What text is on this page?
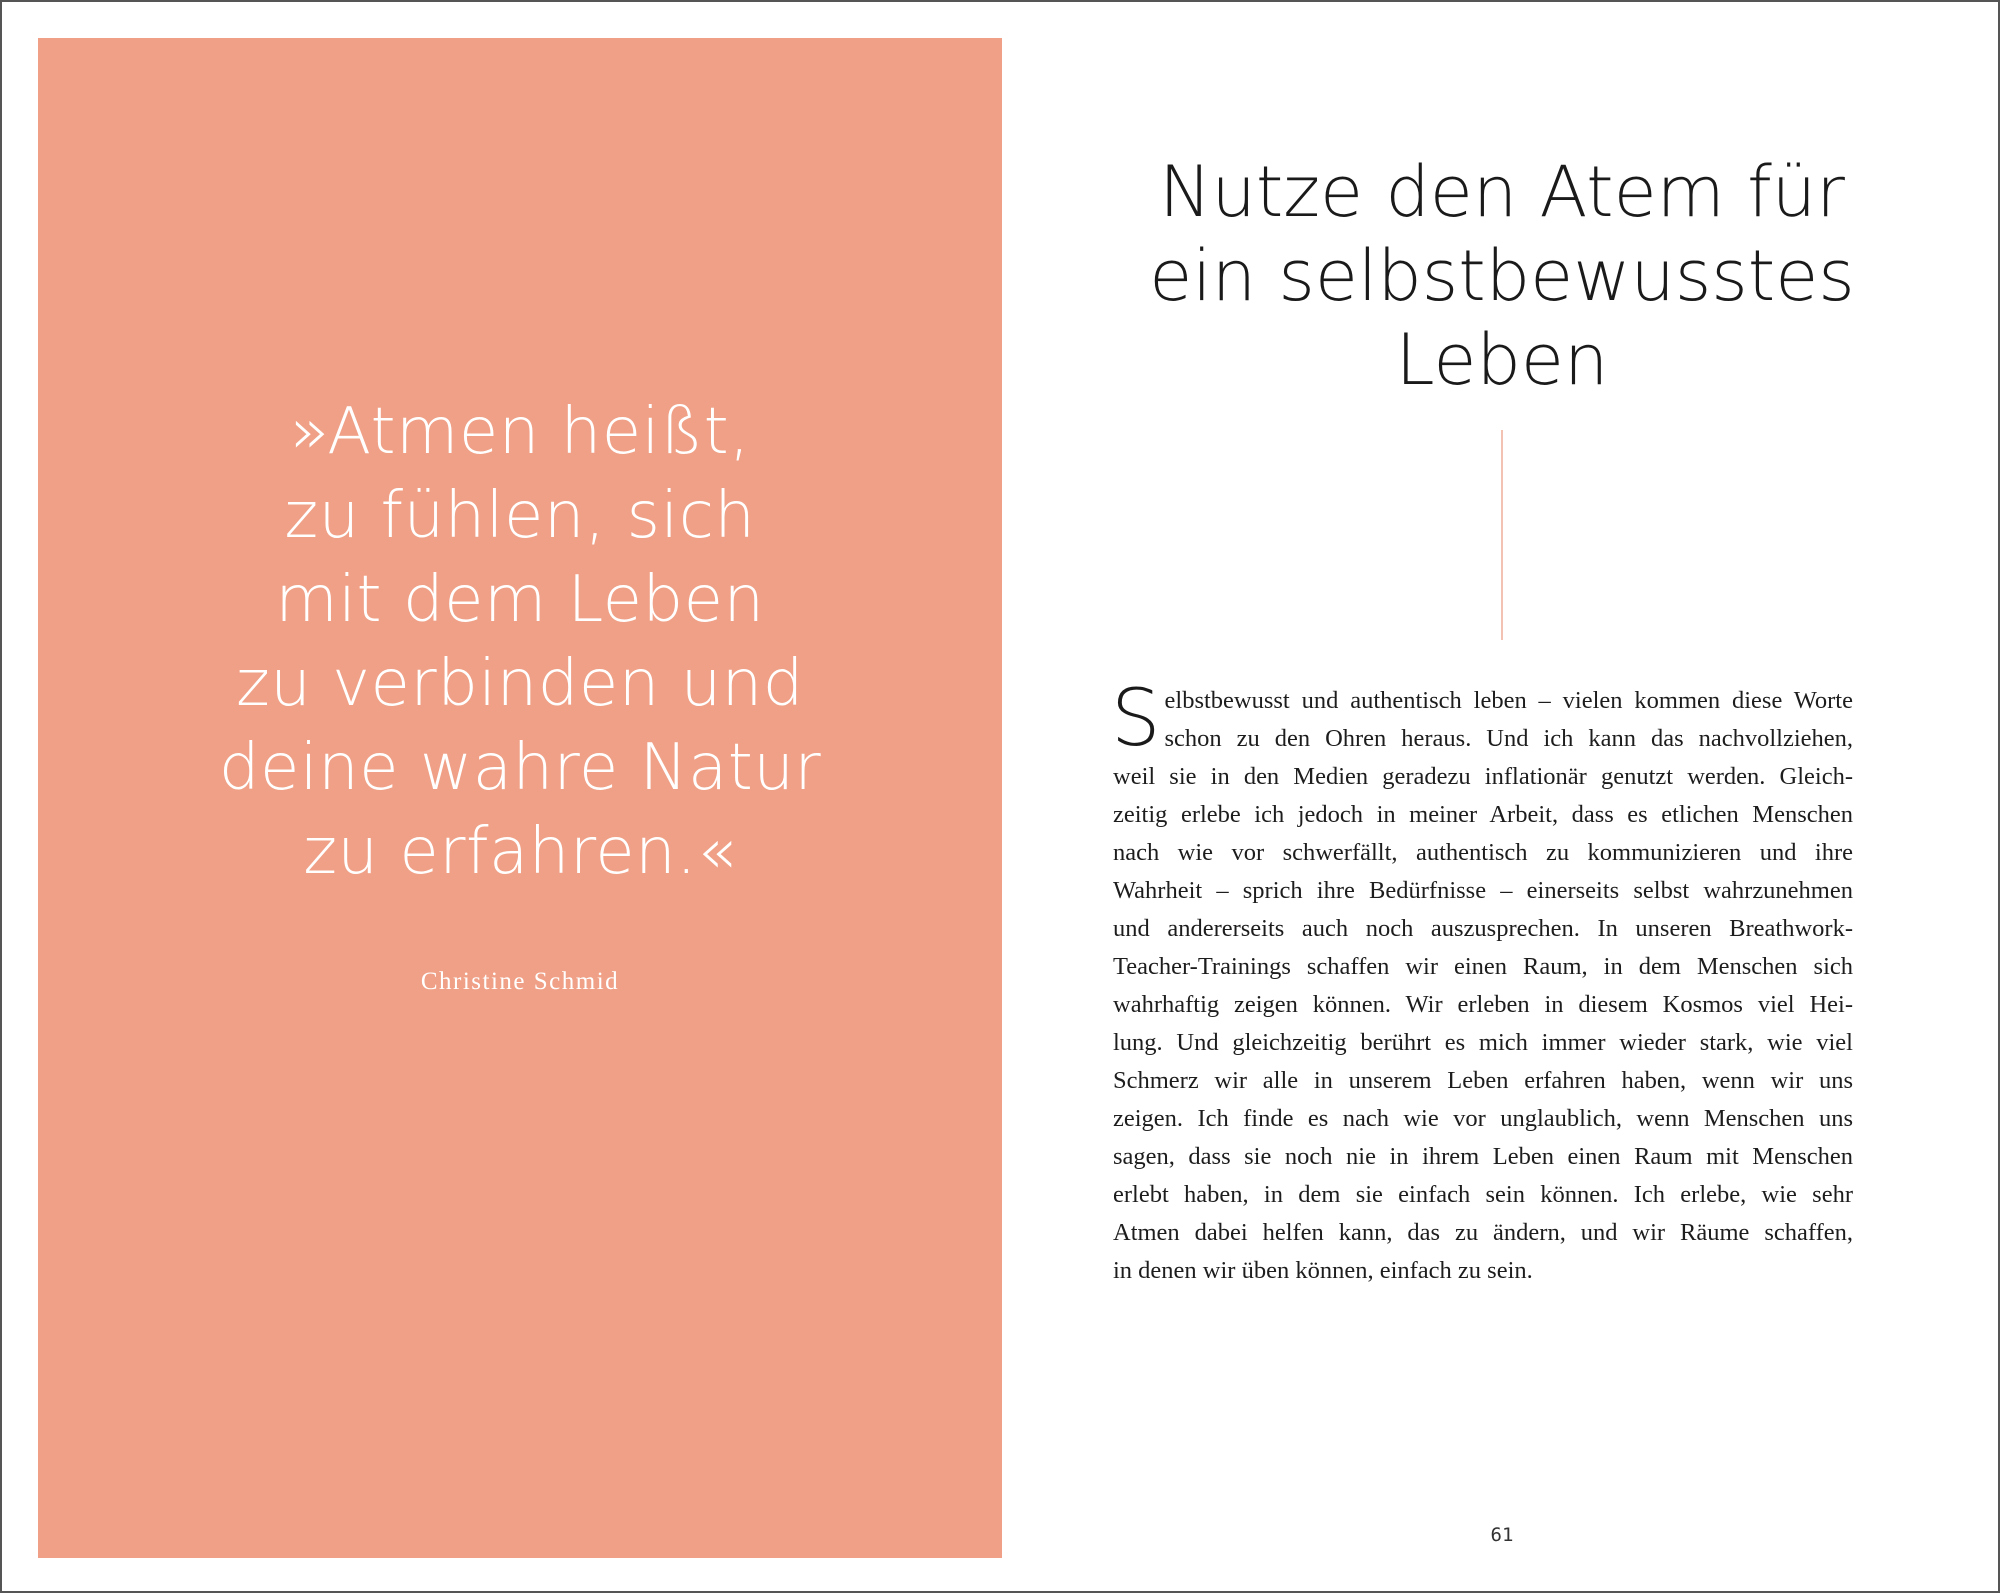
»Atmen heißt,
zu fühlen, sich
mit dem Leben
zu verbinden und
deine wahre Natur
zu erfahren.«
Christine Schmid
Nutze den Atem für
ein selbstbewusstes
Leben
S elbstbewusst und authentisch leben – vielen kommen diese Worte
schon zu den Ohren heraus. Und ich kann das nachvollziehen,
weil sie in den Medien geradezu inflationär genutzt werden. Gleich-
zeitig erlebe ich jedoch in meiner Arbeit, dass es etlichen Menschen
nach wie vor schwerfällt, authentisch zu kommunizieren und ihre
Wahrheit – sprich ihre Bedürfnisse – einerseits selbst wahrzunehmen
und andererseits auch noch auszusprechen. In unseren Breathwork-
Teacher-Trainings schaffen wir einen Raum, in dem Menschen sich
wahrhaftig zeigen können. Wir erleben in diesem Kosmos viel Hei-
lung. Und gleichzeitig berührt es mich immer wieder stark, wie viel
Schmerz wir alle in unserem Leben erfahren haben, wenn wir uns
zeigen. Ich finde es nach wie vor unglaublich, wenn Menschen uns
sagen, dass sie noch nie in ihrem Leben einen Raum mit Menschen
erlebt haben, in dem sie einfach sein können. Ich erlebe, wie sehr
Atmen dabei helfen kann, das zu ändern, und wir Räume schaffen,
in denen wir üben können, einfach zu sein.
61
